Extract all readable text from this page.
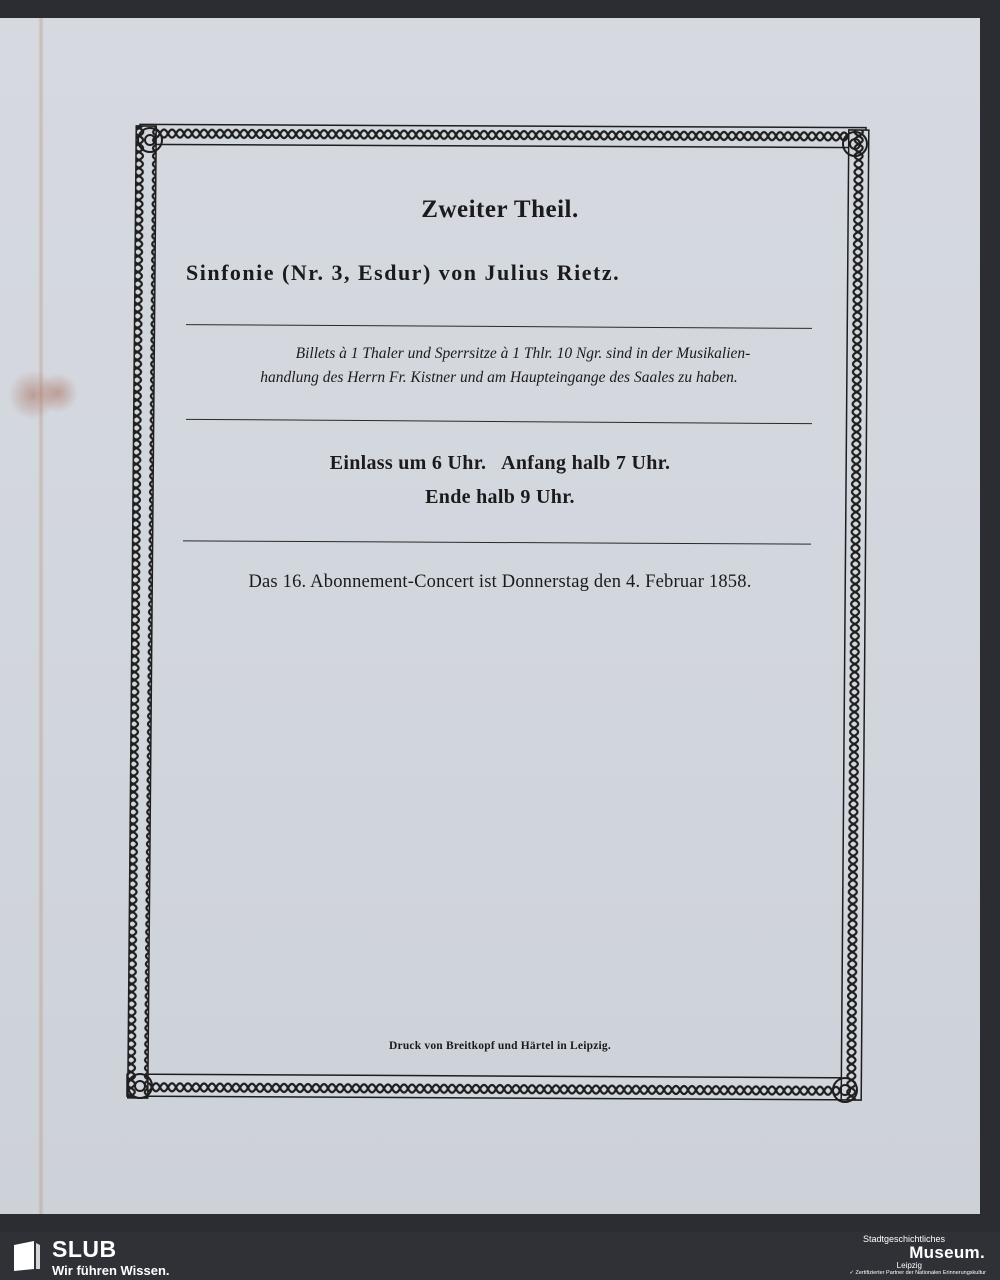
Zweiter Theil.
Sinfonie (Nr. 3, Esdur) von Julius Rietz.
Billets à 1 Thaler und Sperrsitze à 1 Thlr. 10 Ngr. sind in der Musikalien-
handlung des Herrn Fr. Kistner und am Haupteingange des Saales zu haben.
Einlass um 6 Uhr.   Anfang halb 7 Uhr.
Ende halb 9 Uhr.
Das 16. Abonnement-Concert ist Donnerstag den 4. Februar 1858.
Druck von Breitkopf und Härtel in Leipzig.
SLUB
Wir führen Wissen.
Stadtgeschichtliches
Museum.
Leipzig
✓ Zertifizierter Partner der Nationalen Erinnerungskultur
